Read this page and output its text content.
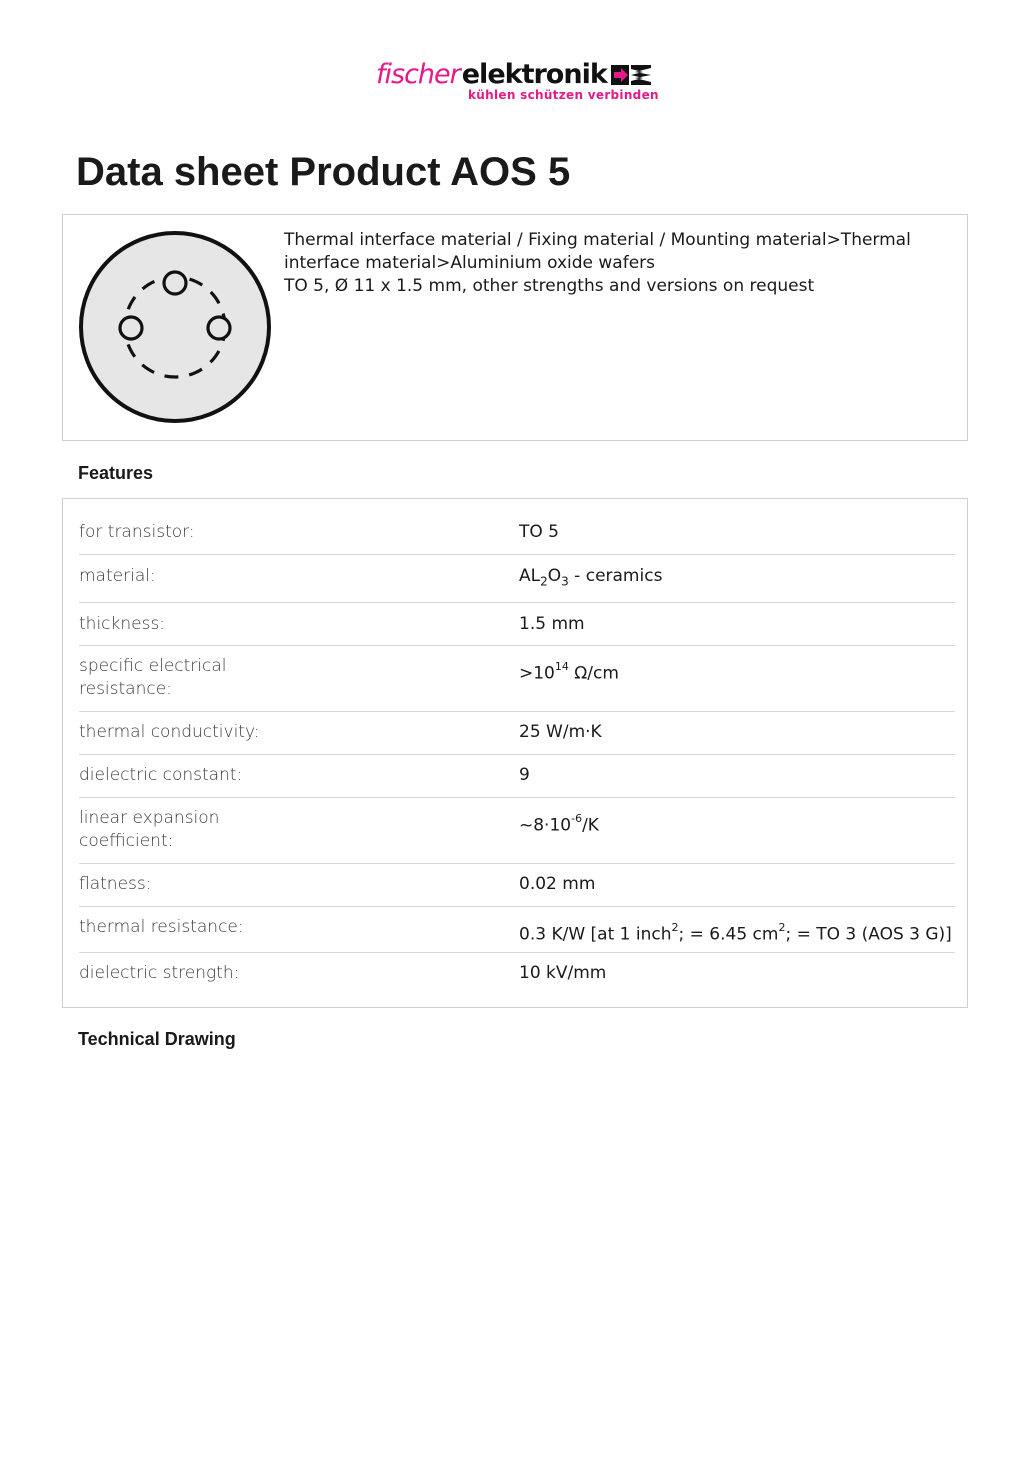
fischer elektronik
kühlen schützen verbinden
Data sheet Product AOS 5
Thermal interface material / Fixing material / Mounting material>Thermal
interface material>Aluminium oxide wafers
TO 5, Ø 11 x 1.5 mm, other strengths and versions on request
Features
for transistor:	TO 5
material:	$AL_2O_3$ - ceramics
thickness:	1.5 mm
specific electrical
resistance:
$>10^{14}$ Ω/cm
thermal conductivity:	25 W/m·K
dielectric constant:	9
linear expansion
coefficient:
$\sim 8\cdot 10^{-6}/K$
flatness:	0.02 mm
thermal resistance:	0.3 K/W [at 1 inch$^2$; = 6.45 $cm^2$; = TO 3 (AOS 3 G)]
dielectric strength:	10 kV/mm
Technical Drawing
